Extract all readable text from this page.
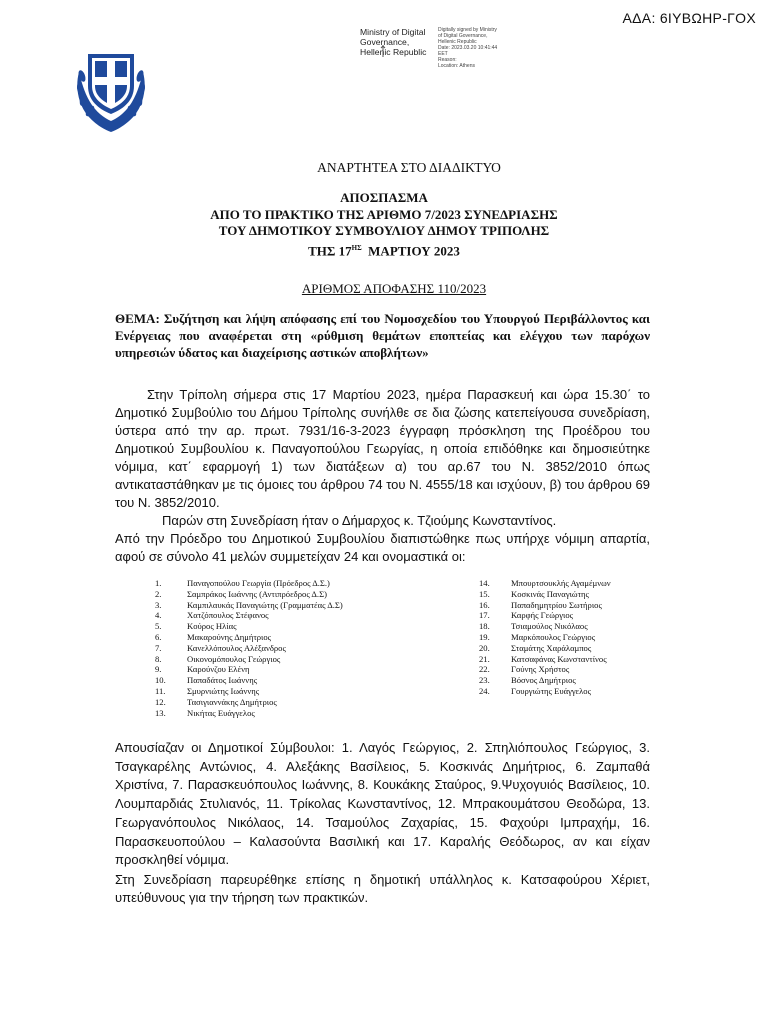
ΑΔΑ: 6ΙΥΒΩΗΡ-ΓΟΧ
Ministry of Digital
Governance,
Hellenic Republic
Digitally signed by Ministry
of Digital Governance,
Hellenic Republic
Date: 2023.03.20 10:41:44
EET
Reason:
Location: Athens
ΑΝΑΡΤΗΤΕΑ ΣΤΟ ΔΙΑΔΙΚΤΥΟ
ΑΠΟΣΠΑΣΜΑ
ΑΠΟ ΤΟ ΠΡΑΚΤΙΚΟ ΤΗΣ ΑΡΙΘΜΟ 7/2023 ΣΥΝΕΔΡΙΑΣΗΣ
ΤΟΥ ΔΗΜΟΤΙΚΟΥ ΣΥΜΒΟΥΛΙΟΥ ΔΗΜΟΥ ΤΡΙΠΟΛΗΣ
ΤΗΣ $17^{H\Sigma}$  ΜΑΡΤΙΟΥ 2023
ΑΡΙΘΜΟΣ ΑΠΟΦΑΣΗΣ 110/2023
ΘΕΜΑ: Συζήτηση και λήψη απόφασης επί του Νομοσχεδίου του Υπουργού Περιβάλλοντος και Ενέργειας που αναφέρεται στη «ρύθμιση θεμάτων εποπτείας και ελέγχου των παρόχων υπηρεσιών ύδατος και διαχείρισης αστικών αποβλήτων»
Στην Τρίπολη σήμερα στις 17 Μαρτίου 2023, ημέρα Παρασκευή και ώρα 15.30΄ το Δημοτικό Συμβούλιο του Δήμου Τρίπολης συνήλθε σε δια ζώσης κατεπείγουσα συνεδρίαση, ύστερα από την αρ. πρωτ. 7931/16-3-2023 έγγραφη πρόσκληση της Προέδρου του Δημοτικού Συμβουλίου κ. Παναγοπούλου Γεωργίας, η οποία επιδόθηκε και δημοσιεύτηκε νόμιμα, κατ΄ εφαρμογή 1) των διατάξεων α) του αρ.67 του Ν. 3852/2010 όπως αντικαταστάθηκαν με τις όμοιες του άρθρου 74 του Ν. 4555/18 και ισχύουν, β) του άρθρου 69 του Ν. 3852/2010.
Παρών στη Συνεδρίαση ήταν ο Δήμαρχος κ. Τζιούμης Κωνσταντίνος.
Από την Πρόεδρο του Δημοτικού Συμβουλίου διαπιστώθηκε πως υπήρχε νόμιμη απαρτία, αφού σε σύνολο 41 μελών συμμετείχαν 24 και ονομαστικά οι:
1.	Παναγοπούλου Γεωργία (Πρόεδρος Δ.Σ.)
2.	Σαμπράκος Ιωάννης (Αντιπρόεδρος Δ.Σ)
3.	Καμπιλαυκάς Παναγιώτης (Γραμματέας Δ.Σ)
4.	Χατζόπουλος Στέφανος
5.	Κούρος Ηλίας
6.	Μακαρούνης Δημήτριος
7.	Κανελλόπουλος Αλέξανδρος
8.	Οικονομόπουλος Γεώργιος
9.	Καρούνζου Ελένη
10. Παπαδάτος Ιωάννης
11.	Σμυρνιώτης Ιωάννης
12. Τασιγιαννάκης Δημήτριος
13. Νικήτας Ευάγγελος
14. Μπουρτσουκλής Αγαμέμνων
15. Κοσκινάς Παναγιώτης
16. Παπαδημητρίου Σωτήριος
17. Καρφής Γεώργιος
18. Τσιαμούλος Νικόλαος
19. Μαρκόπουλος Γεώργιος
20. Σταμάτης Χαράλαμπος
21. Κατσαφάνας Κωνσταντίνος
22. Γούνης Χρήστος
23. Βόσνος Δημήτριος
24. Γουργιώτης Ευάγγελος
Απουσίαζαν οι Δημοτικοί Σύμβουλοι: 1. Λαγός Γεώργιος, 2. Σπηλιόπουλος Γεώργιος, 3. Τσαγκαρέλης Αντώνιος, 4. Αλεξάκης Βασίλειος, 5. Κοσκινάς Δημήτριος, 6. Ζαμπαθά Χριστίνα, 7. Παρασκευόπουλος Ιωάννης, 8. Κουκάκης Σταύρος, 9.Ψυχογυιός Βασίλειος, 10. Λουμπαρδιάς Στυλιανός, 11. Τρίκολας Κωνσταντίνος, 12. Μπρακουμάτσου Θεοδώρα, 13. Γεωργανόπουλος Νικόλαος, 14. Τσαμούλος Ζαχαρίας, 15. Φαχούρι Ιμπραχήμ, 16. Παρασκευοπούλου – Καλασούντα Βασιλική και 17. Καραλής Θεόδωρος, αν και είχαν προσκληθεί νόμιμα.
Στη Συνεδρίαση παρευρέθηκε επίσης η δημοτική υπάλληλος κ. Κατσαφούρου Χέριετ, υπεύθυνους για την τήρηση των πρακτικών.
